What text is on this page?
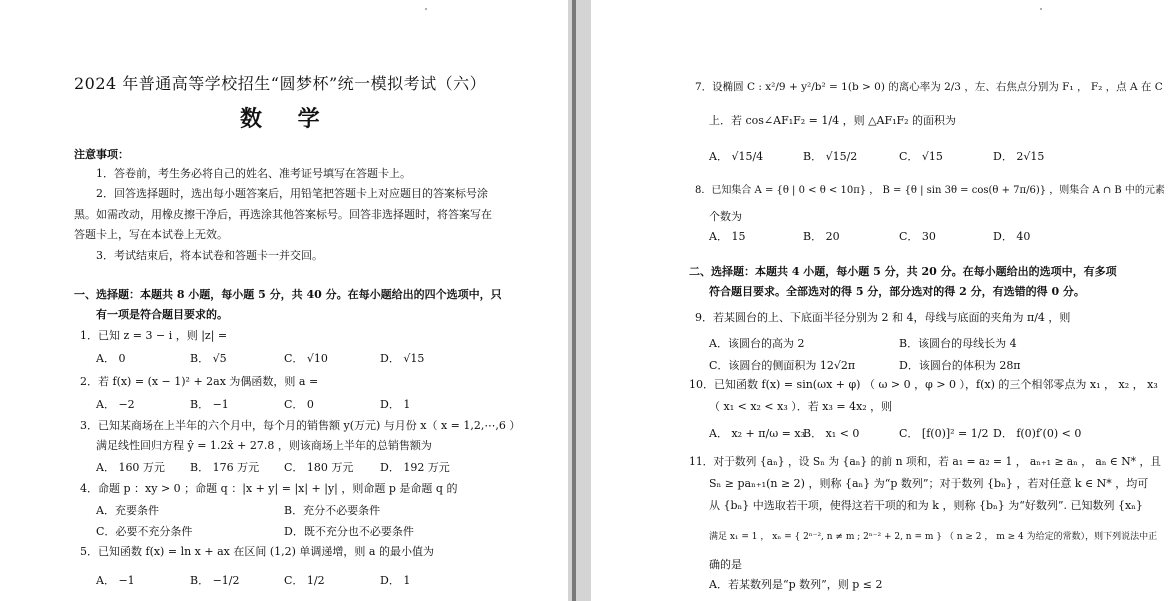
2024 年普通高等学校招生“圆梦杯”统一模拟考试（六）
数 学
注意事项：
1．答卷前，考生务必将自己的姓名、准考证号填写在答题卡上。
2．回答选择题时，选出每小题答案后，用铅笔把答题卡上对应题目的答案标号涂
黑。如需改动，用橡皮擦干净后，再选涂其他答案标号。回答非选择题时，将答案写在
答题卡上，写在本试卷上无效。
3．考试结束后，将本试卷和答题卡一并交回。
一、选择题：本题共 8 小题，每小题 5 分，共 40 分。在每小题给出的四个选项中，只
有一项是符合题目要求的。
1．已知 z = 3 − i ，则 |z| =
A． 0	B． √5	C． √10	D． √15
2．若 f(x) = (x − 1)² + 2ax 为偶函数，则 a =
A． −2	B． −1	C． 0	D． 1
3．已知某商场在上半年的六个月中，每个月的销售额 y(万元) 与月份 x（ x = 1,2,⋯,6 ）
满足线性回归方程 ŷ = 1.2x̂ + 27.8 ，则该商场上半年的总销售额为
A． 160 万元 B． 176 万元 C． 180 万元 D． 192 万元
4．命题 p ：xy > 0 ；命题 q ：|x + y| = |x| + |y| ，则命题 p 是命题 q 的
A．充要条件	B．充分不必要条件
C．必要不充分条件	D．既不充分也不必要条件
5．已知函数 f(x) = ln x + ax 在区间 (1,2) 单调递增，则 a 的最小值为
A． −1	B． −1/2	C． 1/2	D． 1
7．设椭圆 C : x²/9 + y²/b² = 1(b > 0) 的离心率为 2/3 ，左、右焦点分别为 F₁ ， F₂ ，点 A 在 C
上．若 cos∠AF₁F₂ = 1/4 ，则 △AF₁F₂ 的面积为
A． √15/4	B． √15/2	C． √15	D． 2√15
8．已知集合 A = {θ | 0 < θ < 10π} ， B = {θ | sin 3θ = cos(θ + 7π/6)} ，则集合 A ∩ B 中的元素
个数为
A． 15	B． 20	C． 30	D． 40
二、选择题：本题共 4 小题，每小题 5 分，共 20 分。在每小题给出的选项中，有多项
符合题目要求。全部选对的得 5 分，部分选对的得 2 分，有选错的得 0 分。
9．若某圆台的上、下底面半径分别为 2 和 4，母线与底面的夹角为 π/4 ，则
A．该圆台的高为 2	B．该圆台的母线长为 4
C．该圆台的侧面积为 12√2π	D．该圆台的体积为 28π
10．已知函数 f(x) = sin(ωx + φ) （ ω > 0 ，φ > 0 ），f(x) 的三个相邻零点为 x₁ ， x₂ ， x₃
（ x₁ < x₂ < x₃ ）．若 x₃ = 4x₂ ，则
A． x₂ + π/ω = x₃
B． x₁ < 0	C． [f(0)]² = 1/2 D． f(0)f′(0) < 0
11．对于数列 {aₙ} ，设 Sₙ 为 {aₙ} 的前 n 项和，若 a₁ = a₂ = 1 ， aₙ₊₁ ≥ aₙ ， aₙ ∈ N* ，且
Sₙ ≥ paₙ₊₁(n ≥ 2) ，则称 {aₙ} 为“p 数列”；对于数列 {bₙ} ，若对任意 k ∈ N* ，均可
从 {bₙ} 中选取若干项，使得这若干项的和为 k ，则称 {bₙ} 为“好数列”. 已知数列 {xₙ}
满足 x₁ = 1 ， xₙ = { 2ⁿ⁻², n ≠ m ; 2ⁿ⁻² + 2, n = m } （ n ≥ 2 ， m ≥ 4 为给定的常数），则下列说法中正
确的是
A．若某数列是“p 数列”，则 p ≤ 2
